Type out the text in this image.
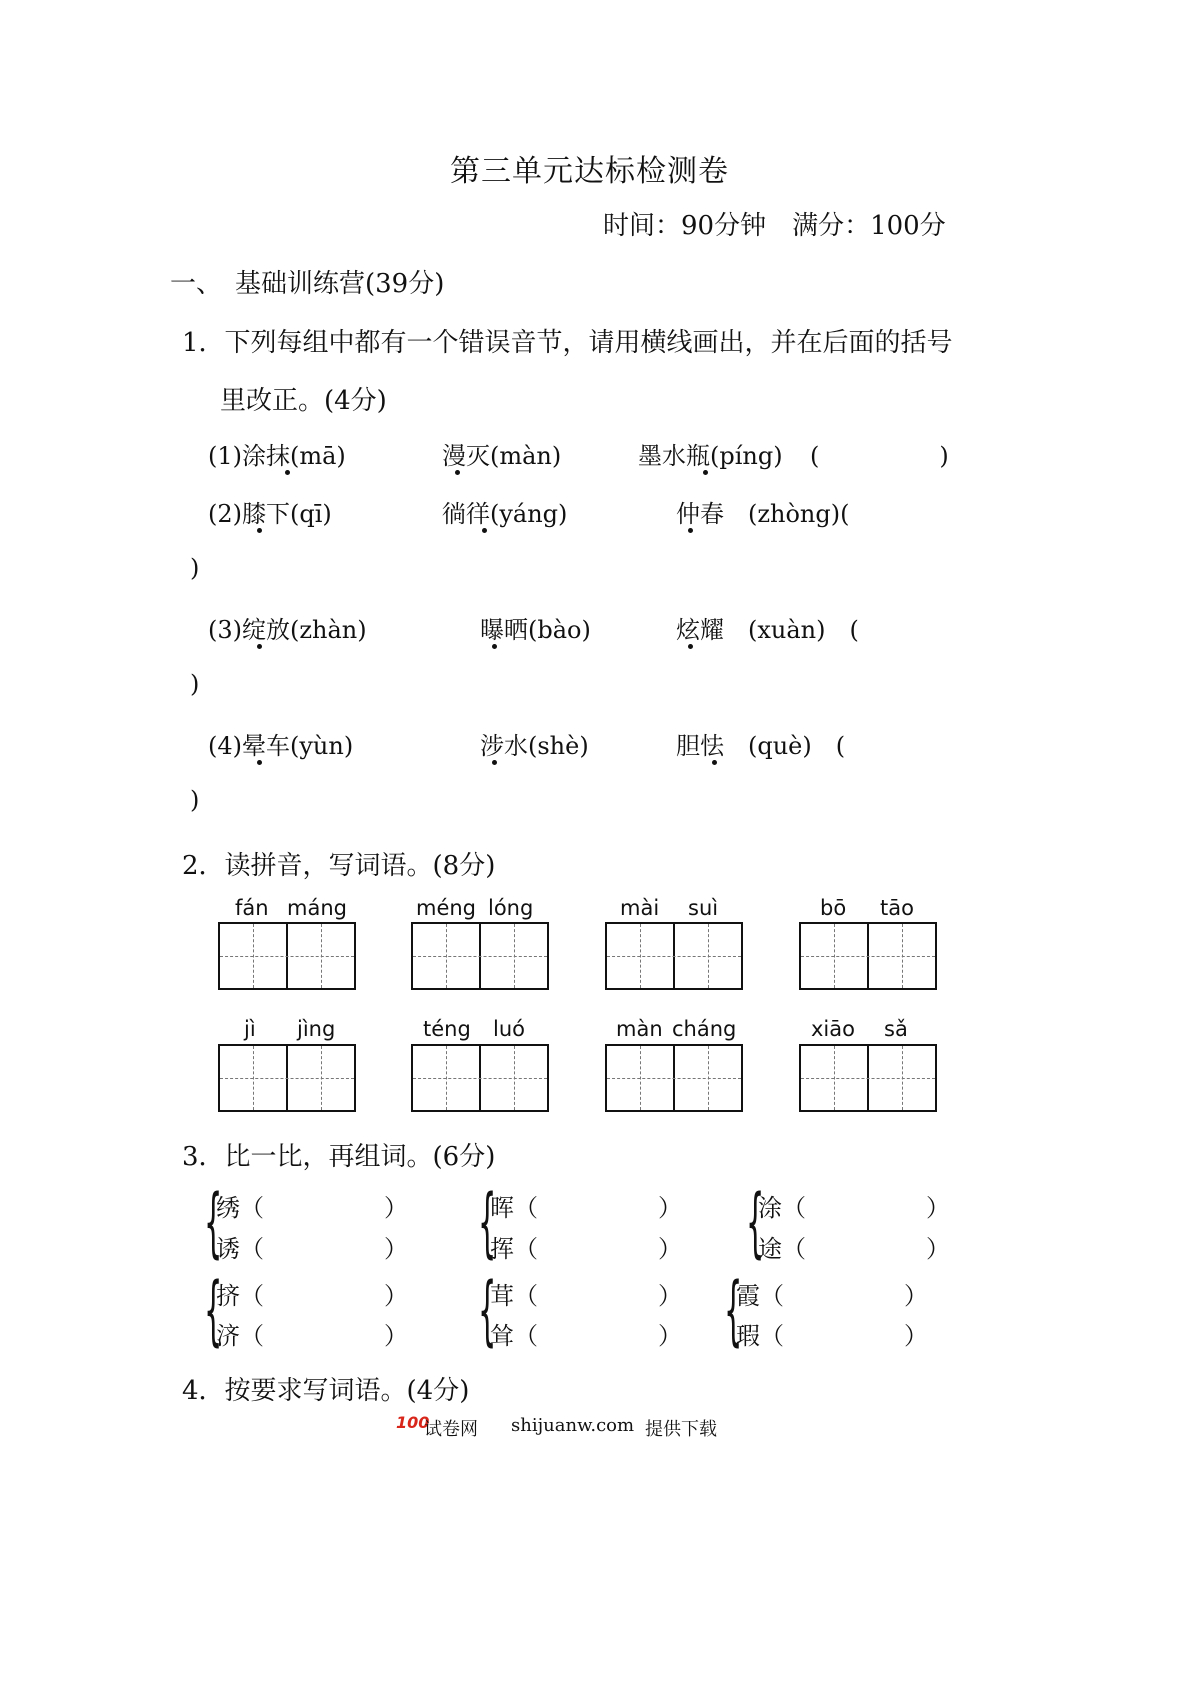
第三单元达标检测卷
时间：90分钟　满分：100分
一、　基础训练营(39分)
1．下列每组中都有一个错误音节，请用横线画出，并在后面的括号
里改正。(4分)
(1)涂抹(mā)	漫灭(màn)	墨水瓶(píng) (　　　　　)
(2)膝下(qī)	徜徉(yáng)	仲春　(zhòng)(
)
(3)绽放(zhàn)	曝晒(bào)	炫耀　(xuàn)　(
)
(4)晕车(yùn)	涉水(shè)	胆怯　(què)　(
)
2．读拼音，写词语。(8分)
fán máng	méng lóng	mài suì	bō tāo
jì jìng	téng luó	màn cháng	xiāo sǎ
3．比一比，再组词。(6分)
{
绣（　　　　　）
诱（　　　　　） {
晖（　　　　　）
挥（　　　　　） {
涂（　　　　　）
途（　　　　　）
{
挤（　　　　　）
济（　　　　　） {
茸（　　　　　）
耸（　　　　　） {
霞（　　　　　）
瑕（　　　　　）
4．按要求写词语。(4分)
100
试卷网 shijuanw.com 提供下载
